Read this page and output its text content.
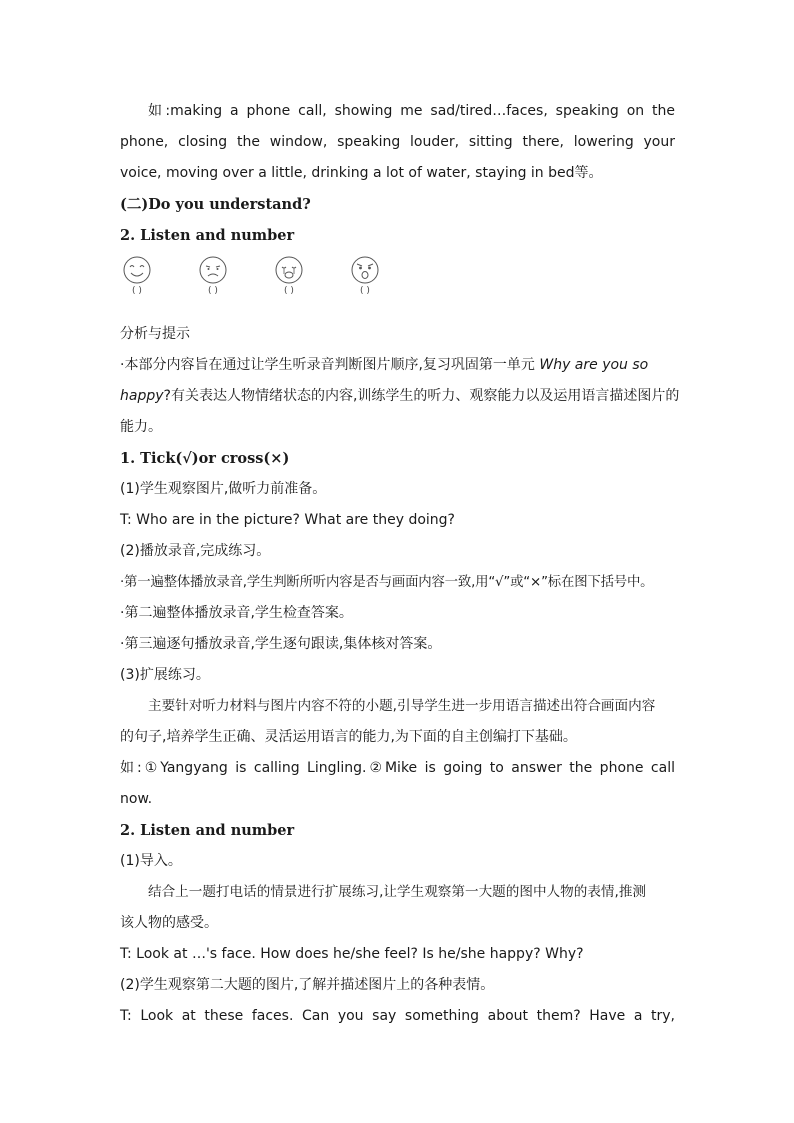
如:making a phone call, showing me sad/tired…faces, speaking on the

phone, closing the window, speaking louder, sitting there, lowering your

voice, moving over a little, drinking a lot of water, staying in bed等。

(二)Do you understand?

2. Listen and number

( )	( )	( )	( )

分析与提示

·本部分内容旨在通过让学生听录音判断图片顺序,复习巩固第一单元 Why are you so

happy?有关表达人物情绪状态的内容,训练学生的听力、观察能力以及运用语言描述图片的

能力。

1. Tick(√)or cross(×)

(1)学生观察图片,做听力前准备。

T: Who are in the picture? What are they doing?

(2)播放录音,完成练习。

·第一遍整体播放录音,学生判断所听内容是否与画面内容一致,用“√”或“×”标在图下括号中。

·第二遍整体播放录音,学生检查答案。

·第三遍逐句播放录音,学生逐句跟读,集体核对答案。

(3)扩展练习。

主要针对听力材料与图片内容不符的小题,引导学生进一步用语言描述出符合画面内容

的句子,培养学生正确、灵活运用语言的能力,为下面的自主创编打下基础。

如:①Yangyang is calling Lingling.②Mike is going to answer the phone call

now.

2. Listen and number

(1)导入。

结合上一题打电话的情景进行扩展练习,让学生观察第一大题的图中人物的表情,推测

该人物的感受。

T: Look at …'s face. How does he/she feel? Is he/she happy? Why?

(2)学生观察第二大题的图片,了解并描述图片上的各种表情。

T: Look at these faces. Can you say something about them? Have a try,
